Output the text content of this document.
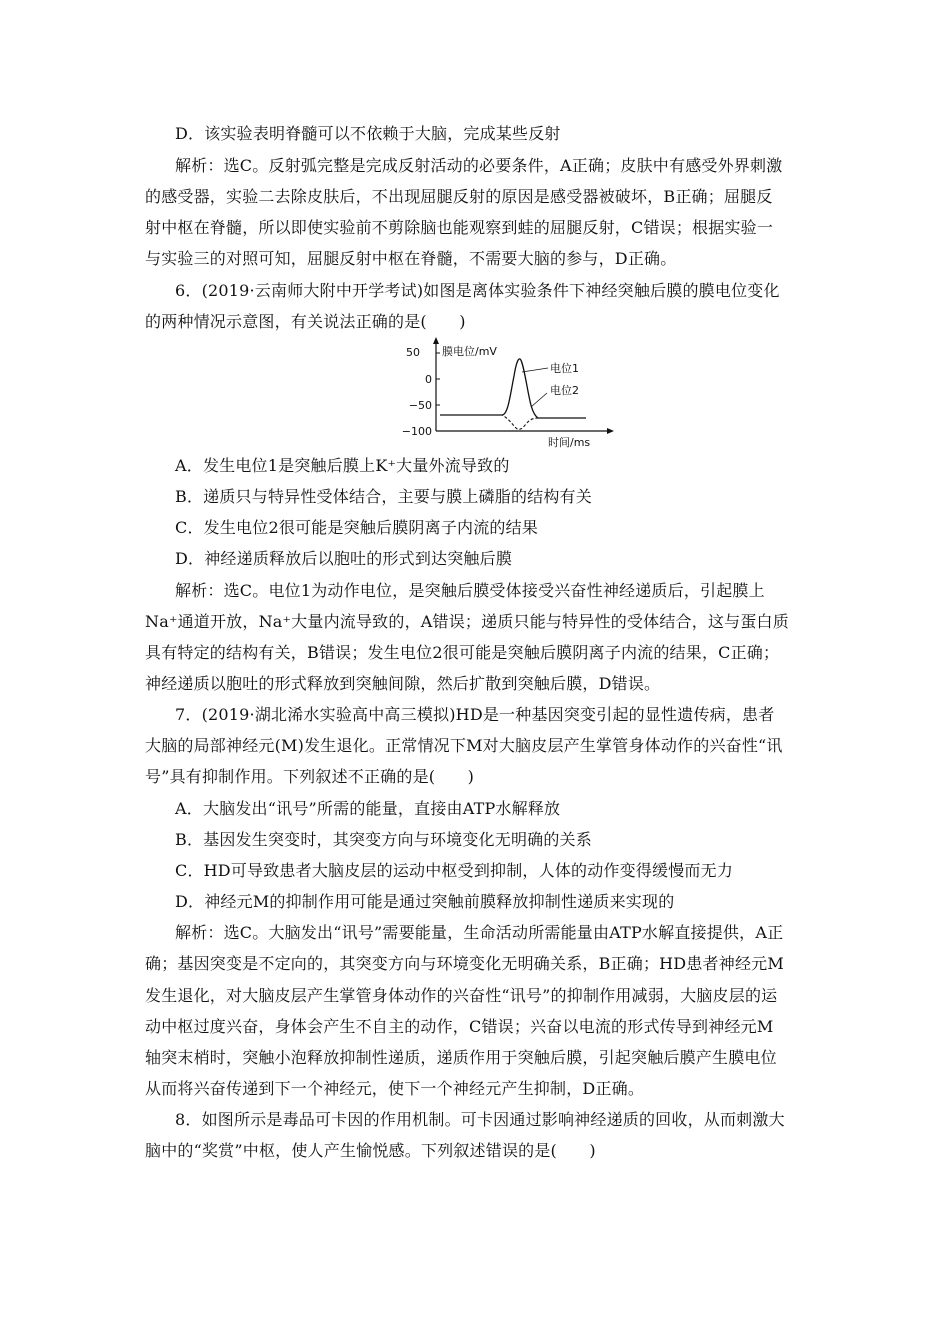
D．该实验表明脊髓可以不依赖于大脑，完成某些反射
解析：选C。反射弧完整是完成反射活动的必要条件，A正确；皮肤中有感受外界刺激
的感受器，实验二去除皮肤后，不出现屈腿反射的原因是感受器被破坏，B正确；屈腿反
射中枢在脊髓，所以即使实验前不剪除脑也能观察到蛙的屈腿反射，C错误；根据实验一
与实验三的对照可知，屈腿反射中枢在脊髓，不需要大脑的参与，D正确。
6．(2019·云南师大附中开学考试)如图是离体实验条件下神经突触后膜的膜电位变化
的两种情况示意图，有关说法正确的是(　　)
膜电位/mV
50
0
−50
−100
时间/ms
电位1
电位2
A．发生电位1是突触后膜上K⁺大量外流导致的
B．递质只与特异性受体结合，主要与膜上磷脂的结构有关
C．发生电位2很可能是突触后膜阴离子内流的结果
D．神经递质释放后以胞吐的形式到达突触后膜
解析：选C。电位1为动作电位，是突触后膜受体接受兴奋性神经递质后，引起膜上
Na⁺通道开放，Na⁺大量内流导致的，A错误；递质只能与特异性的受体结合，这与蛋白质
具有特定的结构有关，B错误；发生电位2很可能是突触后膜阴离子内流的结果，C正确；
神经递质以胞吐的形式释放到突触间隙，然后扩散到突触后膜，D错误。
7．(2019·湖北浠水实验高中高三模拟)HD是一种基因突变引起的显性遗传病，患者
大脑的局部神经元(M)发生退化。正常情况下M对大脑皮层产生掌管身体动作的兴奋性“讯
号”具有抑制作用。下列叙述不正确的是(　　)
A．大脑发出“讯号”所需的能量，直接由ATP水解释放
B．基因发生突变时，其突变方向与环境变化无明确的关系
C．HD可导致患者大脑皮层的运动中枢受到抑制，人体的动作变得缓慢而无力
D．神经元M的抑制作用可能是通过突触前膜释放抑制性递质来实现的
解析：选C。大脑发出“讯号”需要能量，生命活动所需能量由ATP水解直接提供，A正
确；基因突变是不定向的，其突变方向与环境变化无明确关系，B正确；HD患者神经元M
发生退化，对大脑皮层产生掌管身体动作的兴奋性“讯号”的抑制作用减弱，大脑皮层的运
动中枢过度兴奋，身体会产生不自主的动作，C错误；兴奋以电流的形式传导到神经元M
轴突末梢时，突触小泡释放抑制性递质，递质作用于突触后膜，引起突触后膜产生膜电位
从而将兴奋传递到下一个神经元，使下一个神经元产生抑制，D正确。
8．如图所示是毒品可卡因的作用机制。可卡因通过影响神经递质的回收，从而刺激大
脑中的“奖赏”中枢，使人产生愉悦感。下列叙述错误的是(　　)
